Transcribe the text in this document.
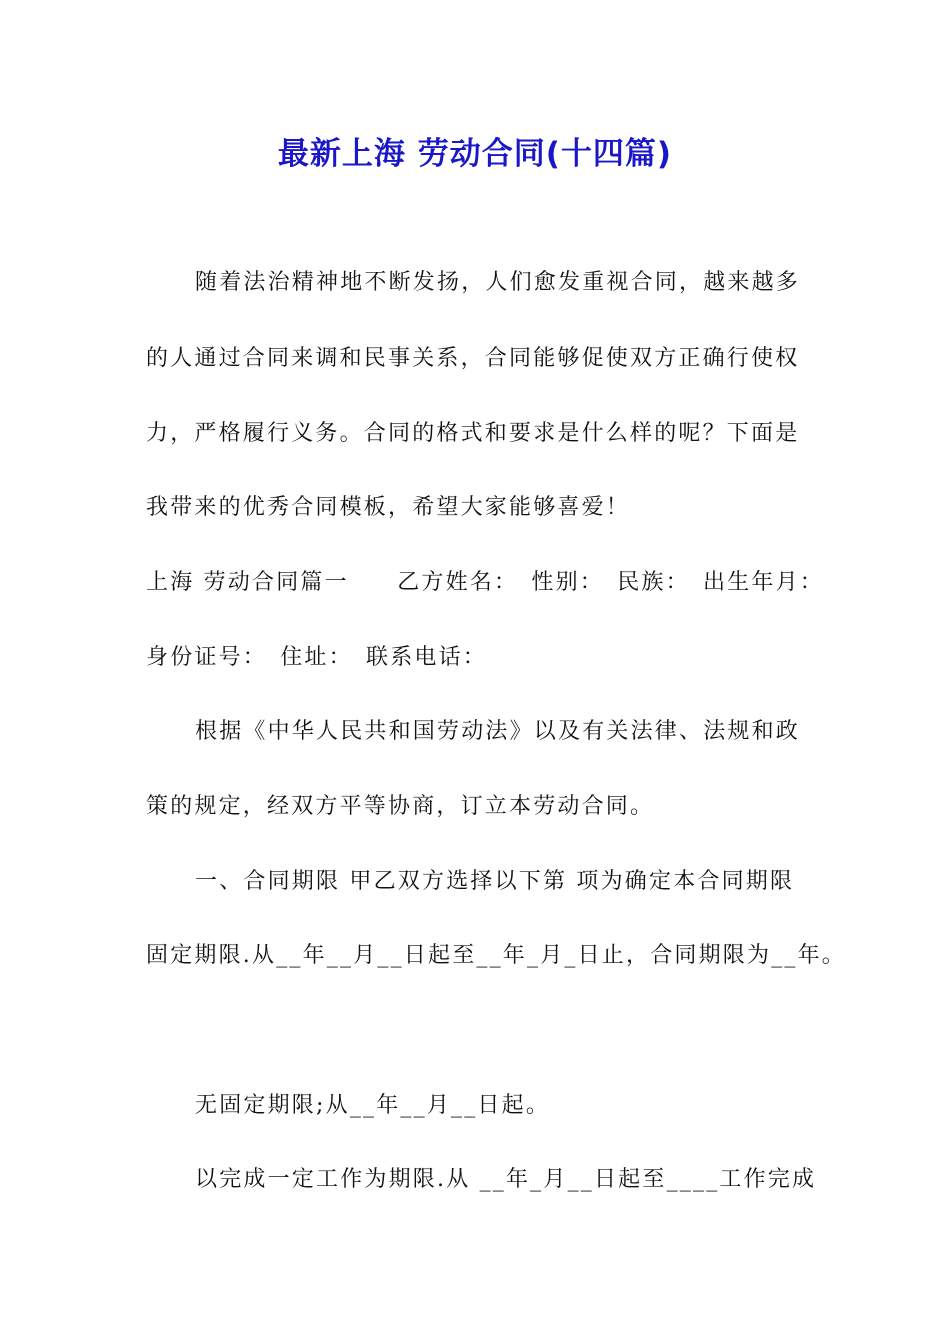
最新上海 劳动合同(十四篇)
随着法治精神地不断发扬，人们愈发重视合同，越来越多
的人通过合同来调和民事关系，合同能够促使双方正确行使权
力，严格履行义务。合同的格式和要求是什么样的呢？下面是
我带来的优秀合同模板，希望大家能够喜爱！
上海 劳动合同篇一　　乙方姓名：　性别：　民族：　出生年月：
身份证号：　住址：　联系电话：
根据《中华人民共和国劳动法》以及有关法律、法规和政
策的规定，经双方平等协商，订立本劳动合同。
一、合同期限 甲乙双方选择以下第 项为确定本合同期限
固定期限.从__年__月__日起至__年_月_日止，合同期限为__年。
无固定期限;从__年__月__日起。
以完成一定工作为期限.从 __年_月__日起至____工作完成
